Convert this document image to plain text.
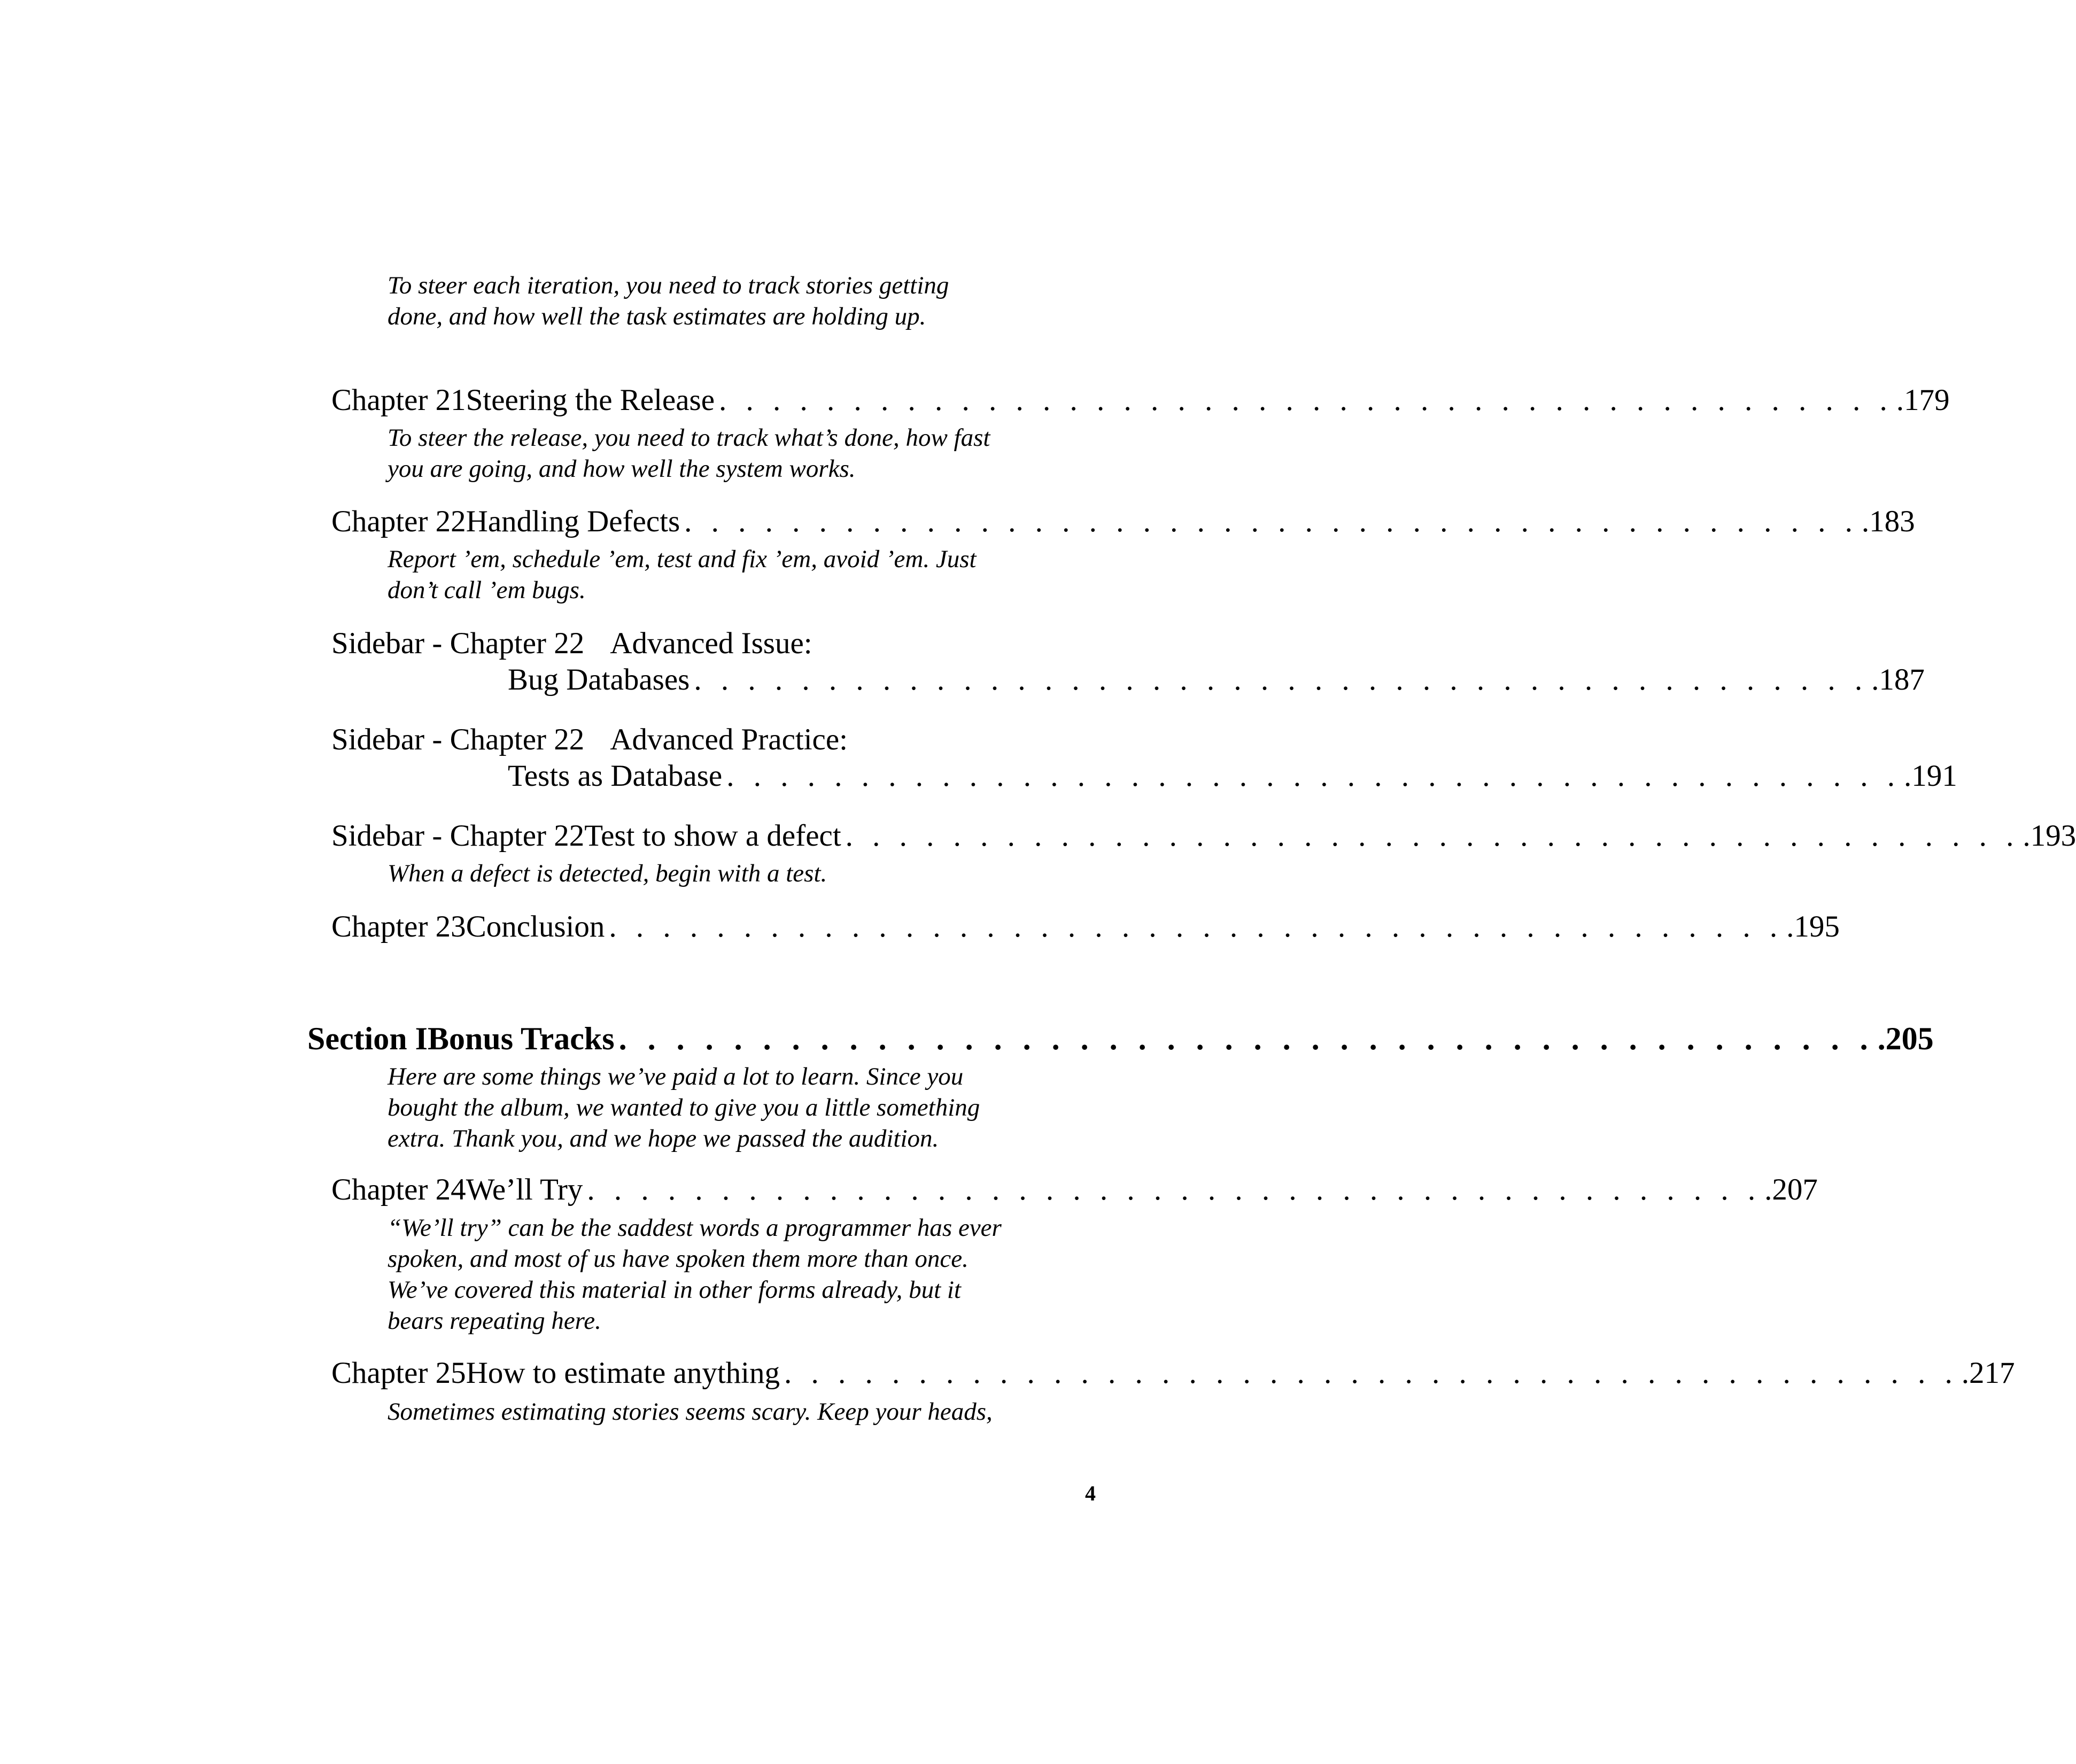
To steer each iteration, you need to track stories getting
done, and how well the task estimates are holding up.
Chapter 21 Steering the Release . . . . . . . . . . . . . . . . . . . . . . . . . . . . . . . . . . . . . . . . . . . . .179
To steer the release, you need to track what’s done, how fast
you are going, and how well the system works.
Chapter 22 Handling Defects . . . . . . . . . . . . . . . . . . . . . . . . . . . . . . . . . . . . . . . . . . . . .183
Report ’em, schedule ’em, test and fix ’em, avoid ’em. Just
don’t call ’em bugs.
Sidebar - Chapter 22 Advanced Issue:
Bug Databases . . . . . . . . . . . . . . . . . . . . . . . . . . . . . . . . . . . . . . . . . . . . .187
Sidebar - Chapter 22 Advanced Practice:
Tests as Database . . . . . . . . . . . . . . . . . . . . . . . . . . . . . . . . . . . . . . . . . . . . .191
Sidebar - Chapter 22 Test to show a defect . . . . . . . . . . . . . . . . . . . . . . . . . . . . . . . . . . . . . . . . . . . . .193
When a defect is detected, begin with a test.
Chapter 23 Conclusion . . . . . . . . . . . . . . . . . . . . . . . . . . . . . . . . . . . . . . . . . . . . .195
Section I Bonus Tracks . . . . . . . . . . . . . . . . . . . . . . . . . . . . . . . . . . . . . . . . . . . . .205
Here are some things we’ve paid a lot to learn. Since you
bought the album, we wanted to give you a little something
extra. Thank you, and we hope we passed the audition.
Chapter 24 We’ll Try . . . . . . . . . . . . . . . . . . . . . . . . . . . . . . . . . . . . . . . . . . . . .207
“We’ll try” can be the saddest words a programmer has ever
spoken, and most of us have spoken them more than once.
We’ve covered this material in other forms already, but it
bears repeating here.
Chapter 25 How to estimate anything . . . . . . . . . . . . . . . . . . . . . . . . . . . . . . . . . . . . . . . . . . . . .217
Sometimes estimating stories seems scary. Keep your heads,
4
